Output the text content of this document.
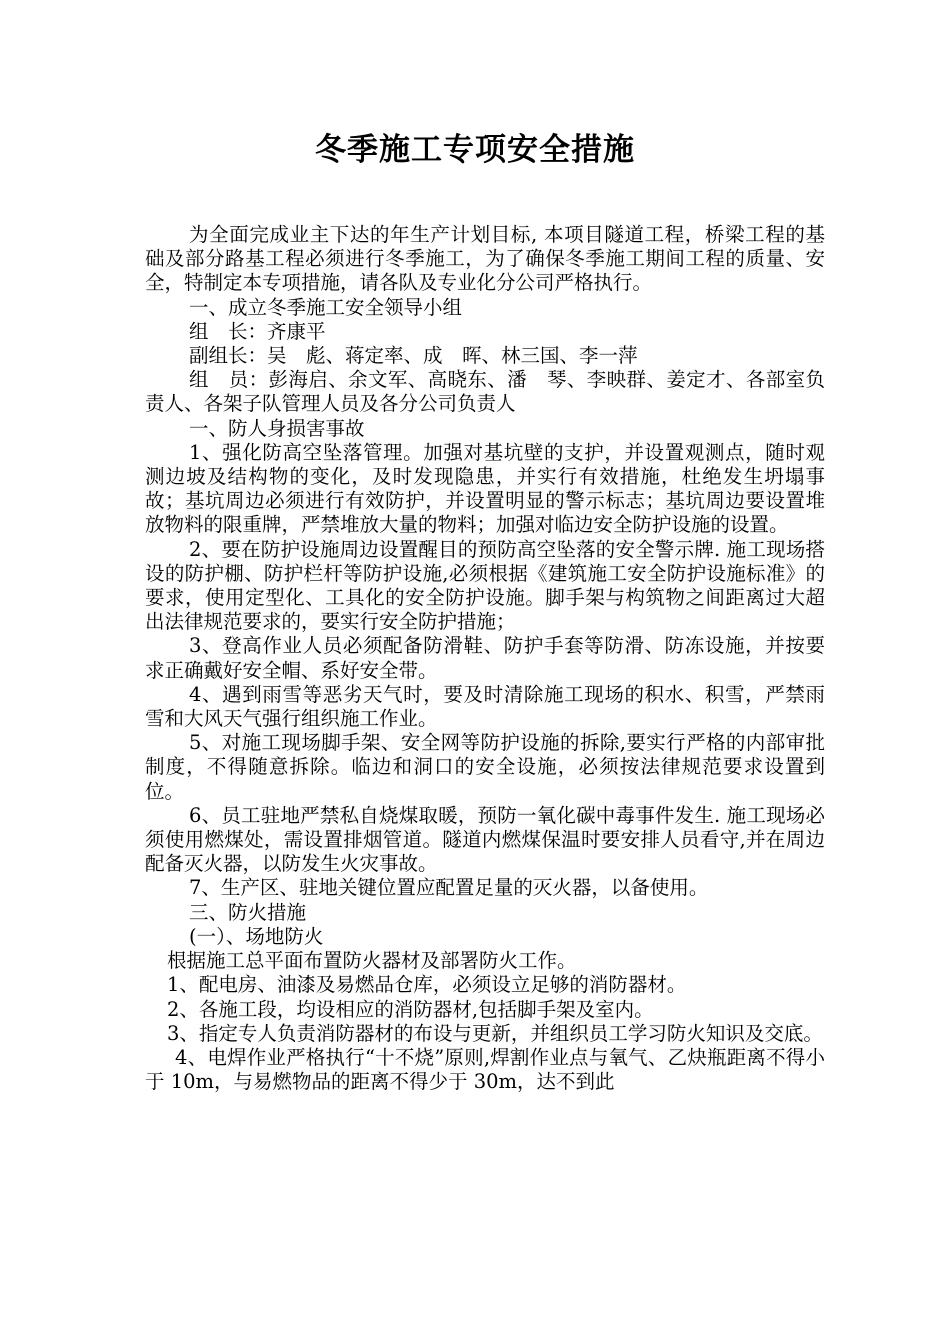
冬季施工专项安全措施

为全面完成业主下达的年生产计划目标, 本项目隧道工程，桥梁工程的基础及部分路基工程必须进行冬季施工，为了确保冬季施工期间工程的质量、安全，特制定本专项措施，请各队及专业化分公司严格执行。

一、成立冬季施工安全领导小组

组　长：齐康平

副组长：吴　彪、蒋定率、成　晖、林三国、李一萍

组　员：彭海启、余文军、高晓东、潘　琴、李映群、姜定才、各部室负责人、各架子队管理人员及各分公司负责人

一、防人身损害事故

1、强化防高空坠落管理。加强对基坑壁的支护，并设置观测点，随时观测边坡及结构物的变化，及时发现隐患，并实行有效措施，杜绝发生坍塌事故；基坑周边必须进行有效防护，并设置明显的警示标志；基坑周边要设置堆放物料的限重牌，严禁堆放大量的物料；加强对临边安全防护设施的设置。

2、要在防护设施周边设置醒目的预防高空坠落的安全警示牌. 施工现场搭设的防护棚、防护栏杆等防护设施,必须根据《建筑施工安全防护设施标准》的要求，使用定型化、工具化的安全防护设施。脚手架与构筑物之间距离过大超出法律规范要求的，要实行安全防护措施；

3、登高作业人员必须配备防滑鞋、防护手套等防滑、防冻设施，并按要求正确戴好安全帽、系好安全带。

4、遇到雨雪等恶劣天气时，要及时清除施工现场的积水、积雪，严禁雨雪和大风天气强行组织施工作业。

5、对施工现场脚手架、安全网等防护设施的拆除,要实行严格的内部审批制度，不得随意拆除。临边和洞口的安全设施，必须按法律规范要求设置到位。

6、员工驻地严禁私自烧煤取暖，预防一氧化碳中毒事件发生. 施工现场必须使用燃煤处，需设置排烟管道。隧道内燃煤保温时要安排人员看守,并在周边配备灭火器，以防发生火灾事故。

7、生产区、驻地关键位置应配置足量的灭火器，以备使用。

三、防火措施

(一）、场地防火

根据施工总平面布置防火器材及部署防火工作。

1、配电房、油漆及易燃品仓库，必须设立足够的消防器材。

2、各施工段，均设相应的消防器材,包括脚手架及室内。

3、指定专人负责消防器材的布设与更新，并组织员工学习防火知识及交底。

4、电焊作业严格执行“十不烧”原则,焊割作业点与氧气、乙炔瓶距离不得小于 10m，与易燃物品的距离不得少于 30m，达不到此
